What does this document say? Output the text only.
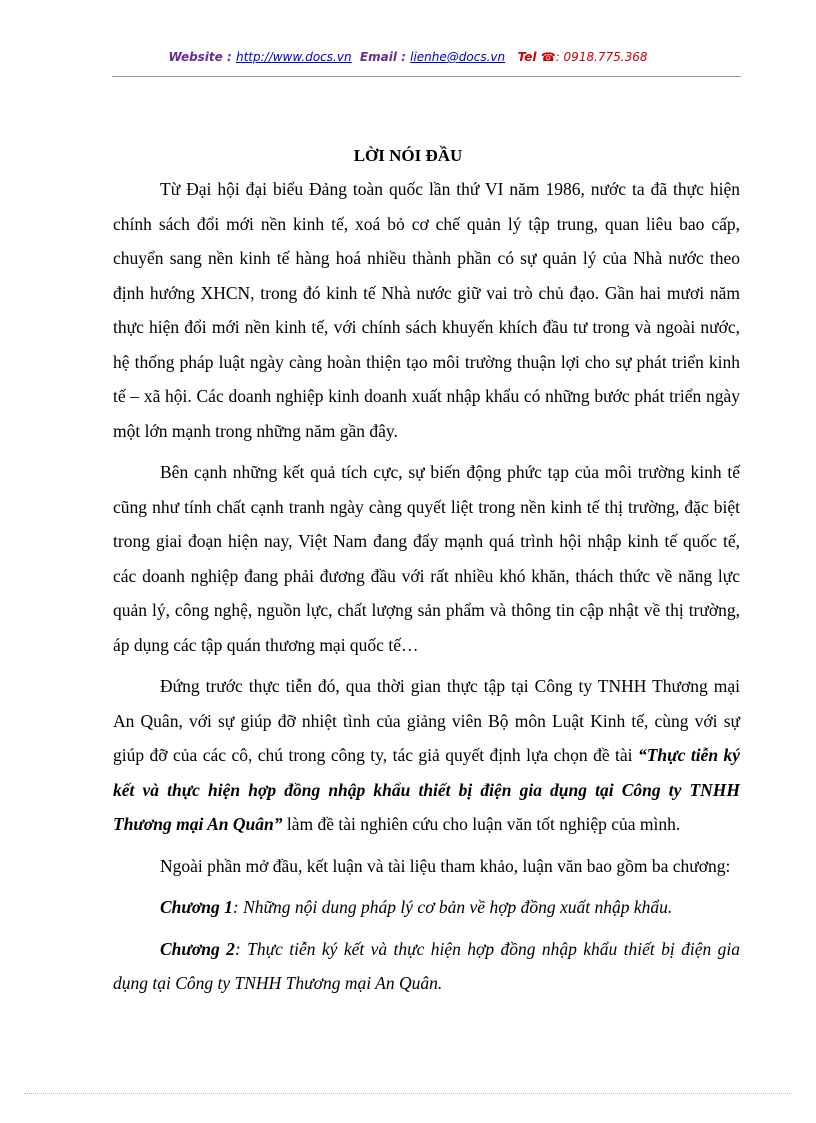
Website : http://www.docs.vn Email : lienhe@docs.vn Tel ☎: 0918.775.368
LỜI NÓI ĐẦU

Từ Đại hội đại biểu Đảng toàn quốc lần thứ VI năm 1986, nước ta đã thực hiện chính sách đổi mới nền kinh tế, xoá bỏ cơ chế quản lý tập trung, quan liêu bao cấp, chuyển sang nền kinh tế hàng hoá nhiều thành phần có sự quản lý của Nhà nước theo định hướng XHCN, trong đó kinh tế Nhà nước giữ vai trò chủ đạo. Gần hai mươi năm thực hiện đổi mới nền kinh tế, với chính sách khuyến khích đầu tư trong và ngoài nước, hệ thống pháp luật ngày càng hoàn thiện tạo môi trường thuận lợi cho sự phát triển kinh tế – xã hội. Các doanh nghiệp kinh doanh xuất nhập khẩu có những bước phát triển ngày một lớn mạnh trong những năm gần đây.

Bên cạnh những kết quả tích cực, sự biến động phức tạp của môi trường kinh tế cũng như tính chất cạnh tranh ngày càng quyết liệt trong nền kinh tế thị trường, đặc biệt trong giai đoạn hiện nay, Việt Nam đang đẩy mạnh quá trình hội nhập kinh tế quốc tế, các doanh nghiệp đang phải đương đầu với rất nhiều khó khăn, thách thức về năng lực quản lý, công nghệ, nguồn lực, chất lượng sản phẩm và thông tin cập nhật về thị trường, áp dụng các tập quán thương mại quốc tế…

Đứng trước thực tiễn đó, qua thời gian thực tập tại Công ty TNHH Thương mại An Quân, với sự giúp đỡ nhiệt tình của giảng viên Bộ môn Luật Kinh tế, cùng với sự giúp đỡ của các cô, chú trong công ty, tác giả quyết định lựa chọn đề tài “Thực tiễn ký kết và thực hiện hợp đồng nhập khẩu thiết bị điện gia dụng tại Công ty TNHH Thương mại An Quân” làm đề tài nghiên cứu cho luận văn tốt nghiệp của mình.

Ngoài phần mở đầu, kết luận và tài liệu tham khảo, luận văn bao gồm ba chương:

Chương 1: Những nội dung pháp lý cơ bản về hợp đồng xuất nhập khẩu.

Chương 2: Thực tiễn ký kết và thực hiện hợp đồng nhập khẩu thiết bị điện gia dụng tại Công ty TNHH Thương mại An Quân.
